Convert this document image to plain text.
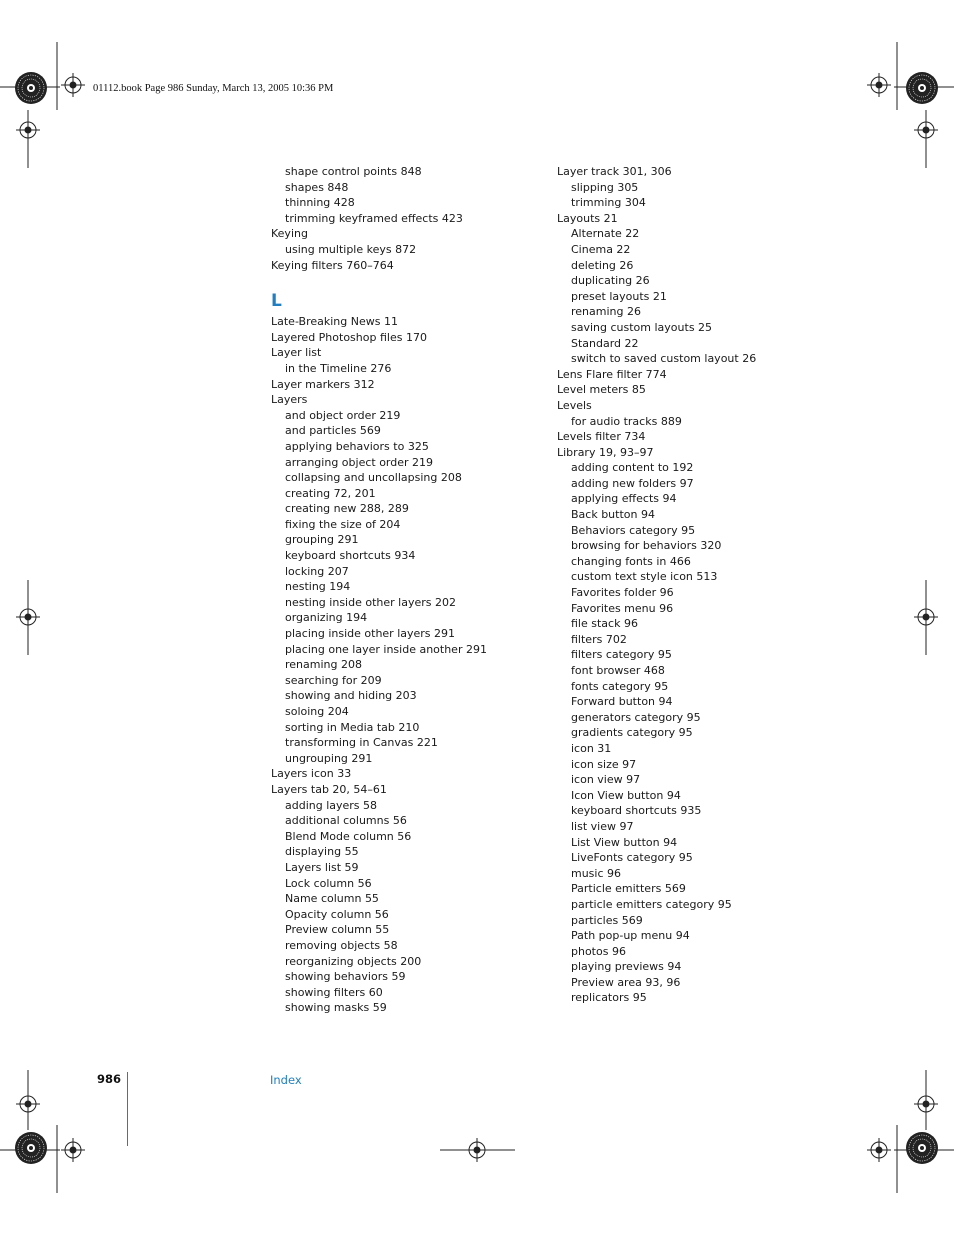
01112.book Page 986 Sunday, March 13, 2005 10:36 PM
shape control points 848
shapes 848
thinning 428
trimming keyframed effects 423
Keying
using multiple keys 872
Keying filters 760–764
L
Late-Breaking News 11
Layered Photoshop files 170
Layer list
in the Timeline 276
Layer markers 312
Layers
and object order 219
and particles 569
applying behaviors to 325
arranging object order 219
collapsing and uncollapsing 208
creating 72, 201
creating new 288, 289
fixing the size of 204
grouping 291
keyboard shortcuts 934
locking 207
nesting 194
nesting inside other layers 202
organizing 194
placing inside other layers 291
placing one layer inside another 291
renaming 208
searching for 209
showing and hiding 203
soloing 204
sorting in Media tab 210
transforming in Canvas 221
ungrouping 291
Layers icon 33
Layers tab 20, 54–61
adding layers 58
additional columns 56
Blend Mode column 56
displaying 55
Layers list 59
Lock column 56
Name column 55
Opacity column 56
Preview column 55
removing objects 58
reorganizing objects 200
showing behaviors 59
showing filters 60
showing masks 59
Layer track 301, 306
slipping 305
trimming 304
Layouts 21
Alternate 22
Cinema 22
deleting 26
duplicating 26
preset layouts 21
renaming 26
saving custom layouts 25
Standard 22
switch to saved custom layout 26
Lens Flare filter 774
Level meters 85
Levels
for audio tracks 889
Levels filter 734
Library 19, 93–97
adding content to 192
adding new folders 97
applying effects 94
Back button 94
Behaviors category 95
browsing for behaviors 320
changing fonts in 466
custom text style icon 513
Favorites folder 96
Favorites menu 96
file stack 96
filters 702
filters category 95
font browser 468
fonts category 95
Forward button 94
generators category 95
gradients category 95
icon 31
icon size 97
icon view 97
Icon View button 94
keyboard shortcuts 935
list view 97
List View button 94
LiveFonts category 95
music 96
Particle emitters 569
particle emitters category 95
particles 569
Path pop-up menu 94
photos 96
playing previews 94
Preview area 93, 96
replicators 95
986	Index
